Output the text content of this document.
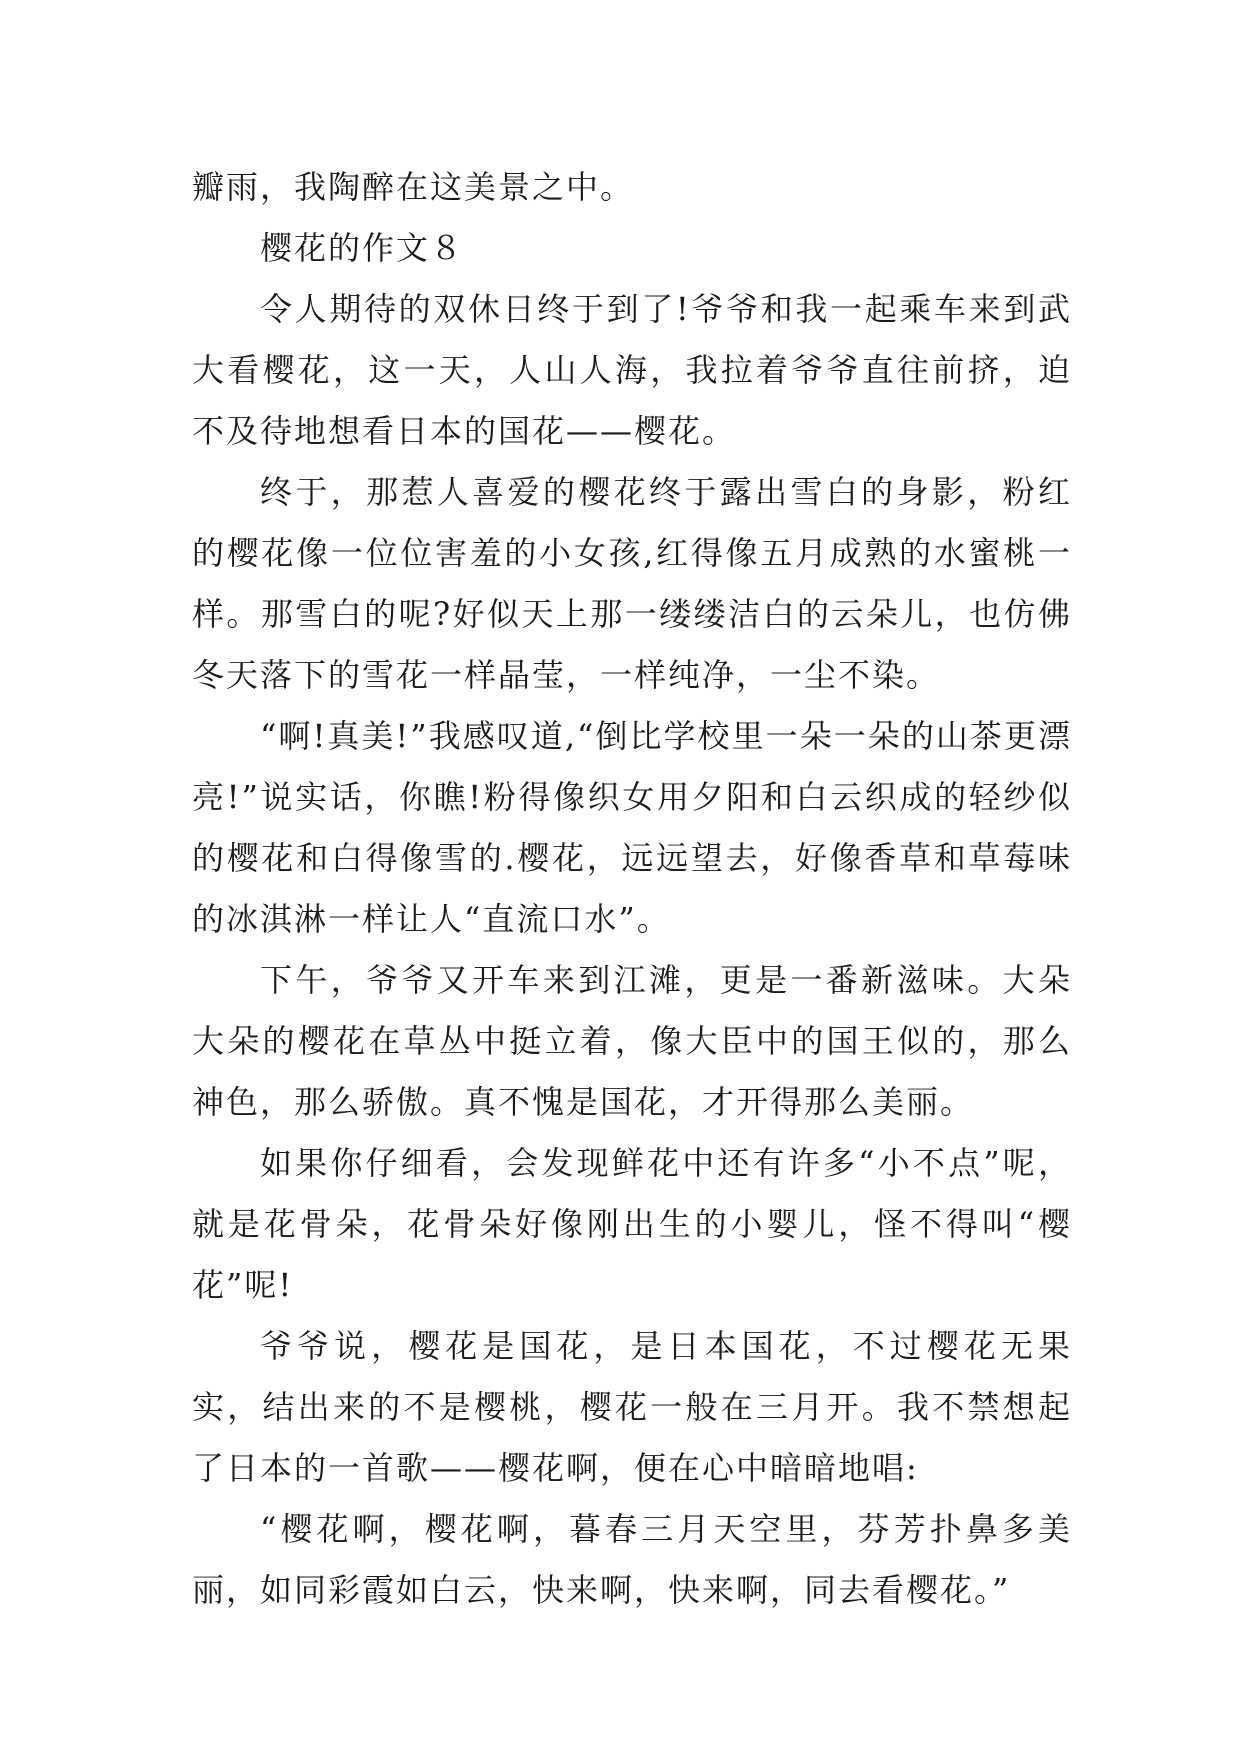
瓣雨，我陶醉在这美景之中。

樱花的作文８

令人期待的双休日终于到了!爷爷和我一起乘车来到武大看樱花，这一天，人山人海，我拉着爷爷直往前挤，迫不及待地想看日本的国花——樱花。

终于，那惹人喜爱的樱花终于露出雪白的身影，粉红的樱花像一位位害羞的小女孩,红得像五月成熟的水蜜桃一样。那雪白的呢?好似天上那一缕缕洁白的云朵儿，也仿佛冬天落下的雪花一样晶莹，一样纯净，一尘不染。

“啊!真美!”我感叹道,“倒比学校里一朵一朵的山茶更漂亮!”说实话，你瞧!粉得像织女用夕阳和白云织成的轻纱似的樱花和白得像雪的.樱花，远远望去，好像香草和草莓味的冰淇淋一样让人“直流口水”。

下午，爷爷又开车来到江滩，更是一番新滋味。大朵大朵的樱花在草丛中挺立着，像大臣中的国王似的，那么神色，那么骄傲。真不愧是国花，才开得那么美丽。

如果你仔细看，会发现鲜花中还有许多“小不点”呢，就是花骨朵，花骨朵好像刚出生的小婴儿，怪不得叫“樱花”呢!

爷爷说，樱花是国花，是日本国花，不过樱花无果实，结出来的不是樱桃，樱花一般在三月开。我不禁想起了日本的一首歌——樱花啊，便在心中暗暗地唱:

“樱花啊，樱花啊，暮春三月天空里，芬芳扑鼻多美丽，如同彩霞如白云，快来啊，快来啊，同去看樱花。”
